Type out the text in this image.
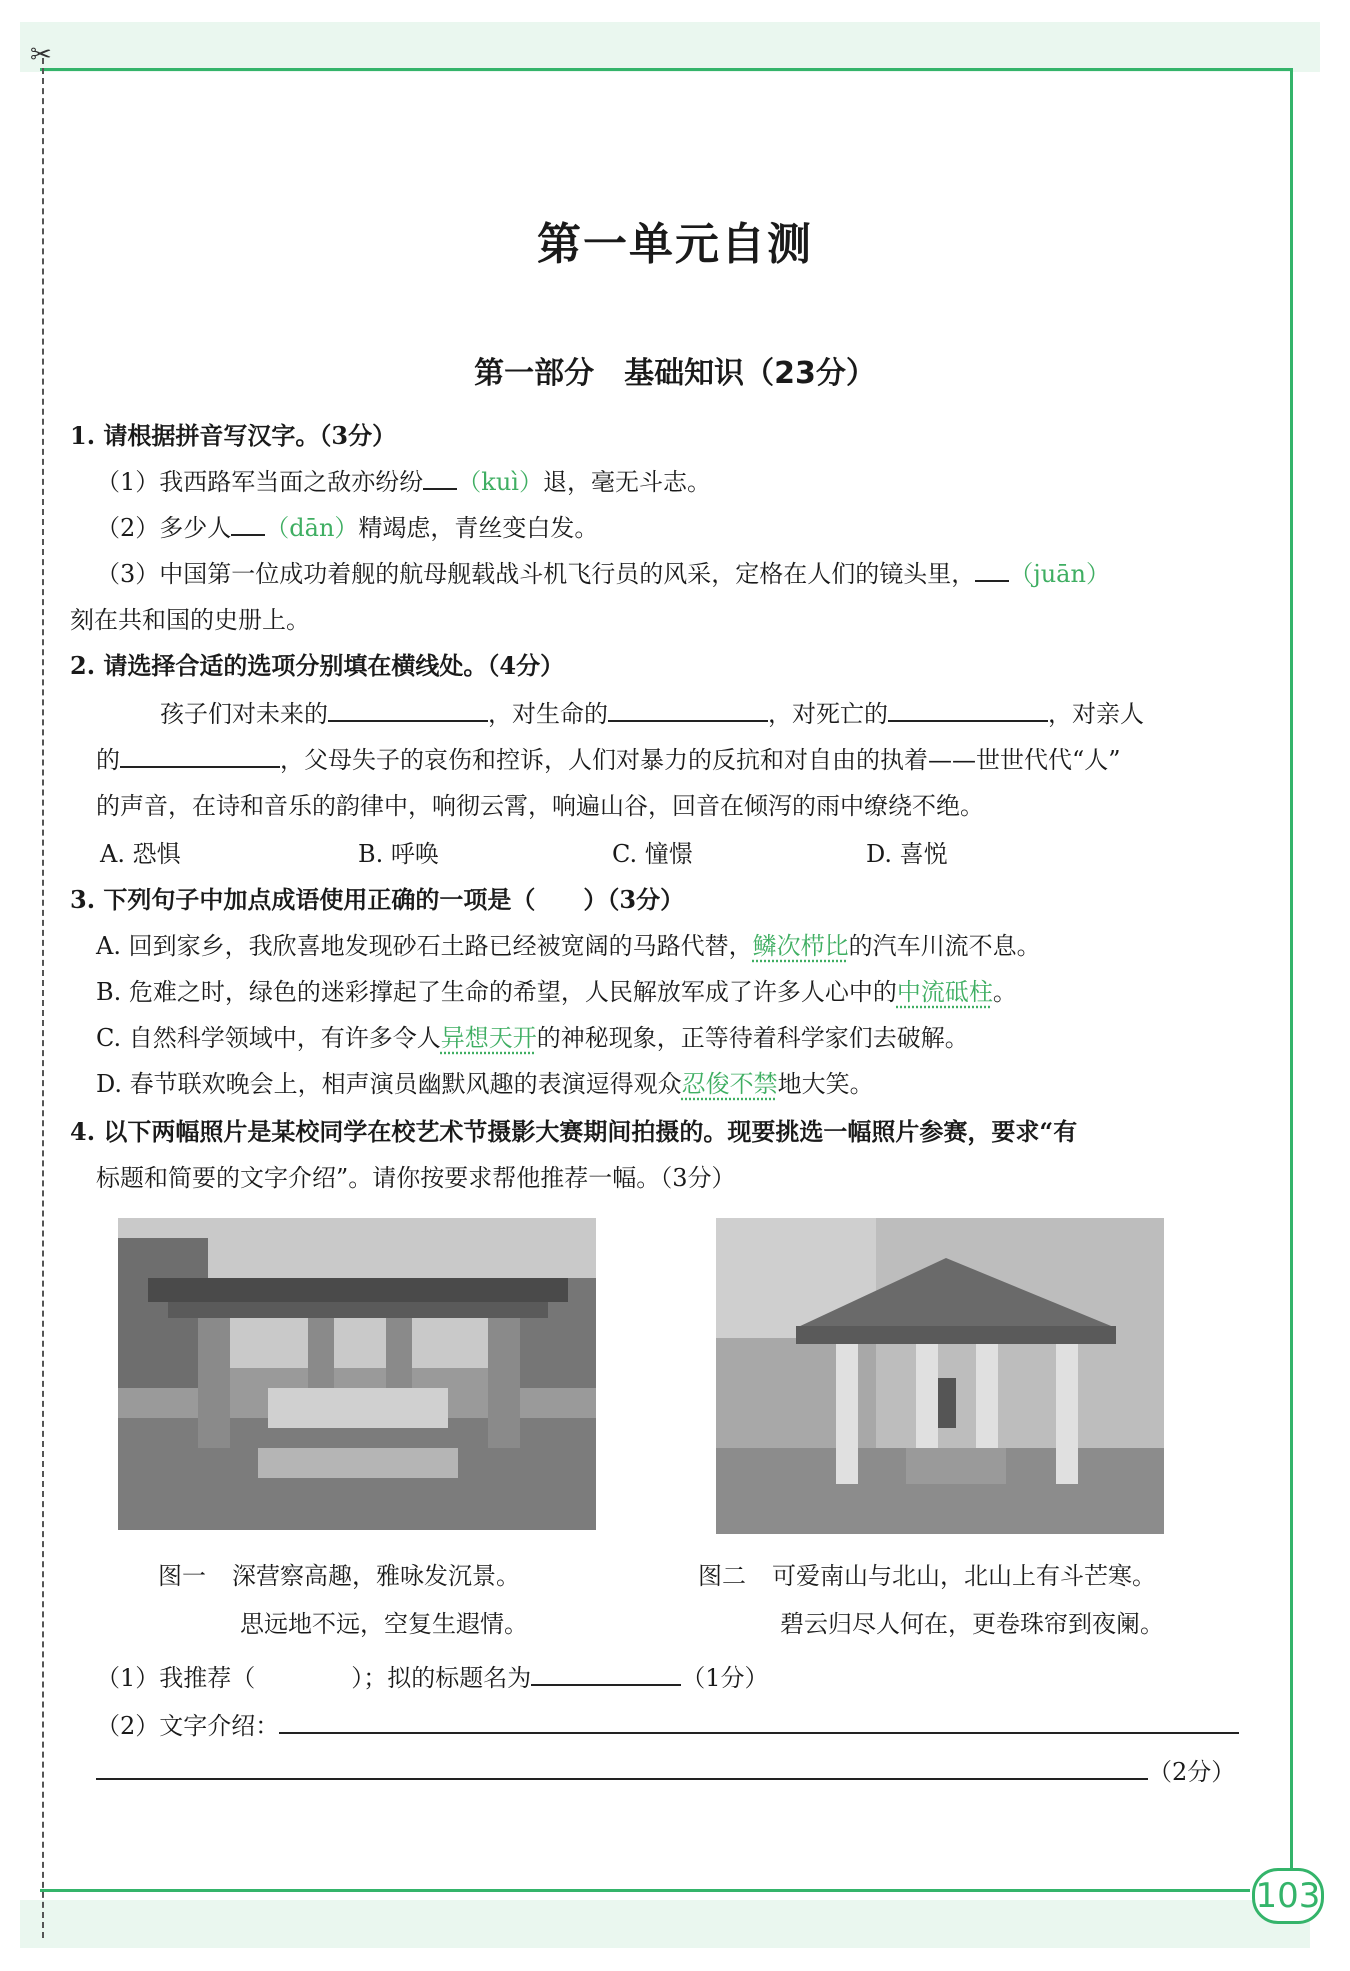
✂
103
第一单元自测
第一部分　基础知识（23分）
1. 请根据拼音写汉字。（3分）
（1）我西路军当面之敌亦纷纷 （kuì）退，毫无斗志。
（2）多少人 （dān）精竭虑，青丝变白发。
（3）中国第一位成功着舰的航母舰载战斗机飞行员的风采，定格在人们的镜头里， （juān）
刻在共和国的史册上。
2. 请选择合适的选项分别填在横线处。（4分）
孩子们对未来的	，对生命的	，对死亡的	，对亲人
的	，父母失子的哀伤和控诉，人们对暴力的反抗和对自由的执着——世世代代“人”
的声音，在诗和音乐的韵律中，响彻云霄，响遍山谷，回音在倾泻的雨中缭绕不绝。
A. 恐惧	B. 呼唤	C. 憧憬	D. 喜悦
3. 下列句子中加点成语使用正确的一项是（　　）（3分）
A. 回到家乡，我欣喜地发现砂石土路已经被宽阔的马路代替，鳞次栉比的汽车川流不息。
B. 危难之时，绿色的迷彩撑起了生命的希望，人民解放军成了许多人心中的中流砥柱。
C. 自然科学领域中，有许多令人异想天开的神秘现象，正等待着科学家们去破解。
D. 春节联欢晚会上，相声演员幽默风趣的表演逗得观众忍俊不禁地大笑。
4. 以下两幅照片是某校同学在校艺术节摄影大赛期间拍摄的。现要挑选一幅照片参赛，要求“有
标题和简要的文字介绍”。请你按要求帮他推荐一幅。（3分）
图一 深营察高趣，雅咏发沉景。
思远地不远，空复生遐情。
图二 可爱南山与北山，北山上有斗芒寒。
碧云归尽人何在，更卷珠帘到夜阑。
（1）我推荐（　　　　）；拟的标题名为	（1分）
（2）文字介绍：
（2分）
